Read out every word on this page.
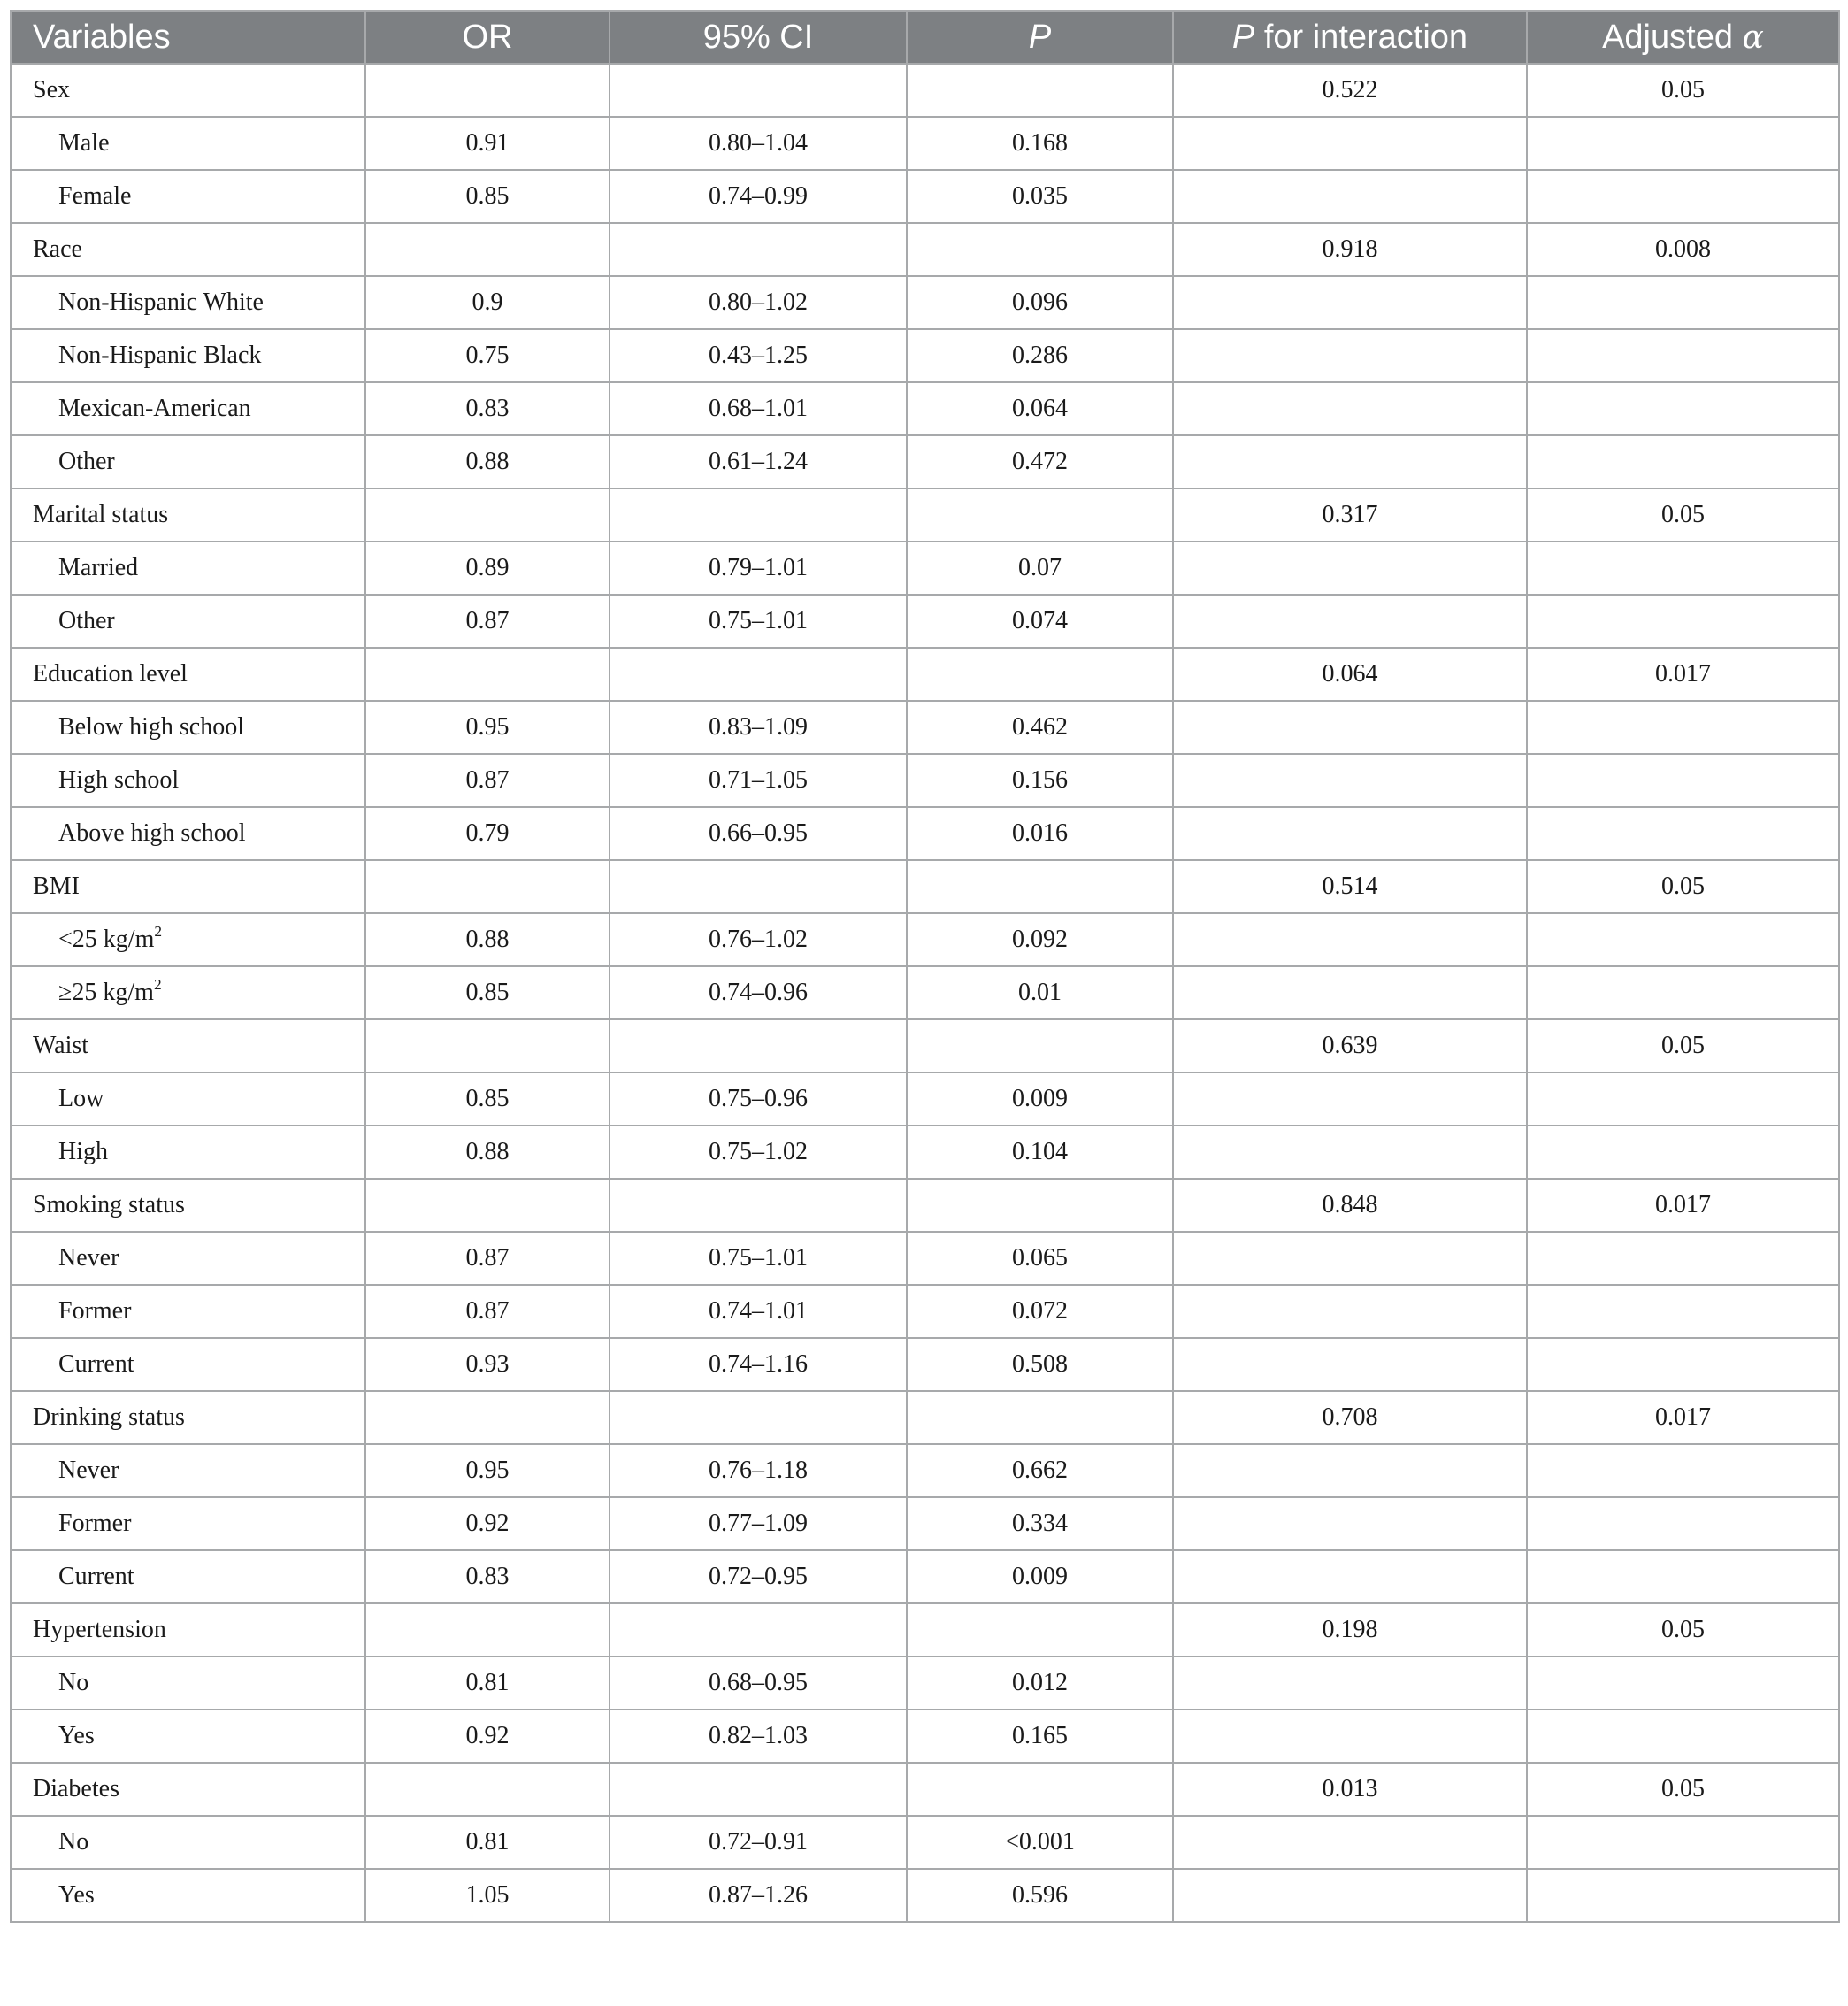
Variables	OR	95% CI	P	P for interaction	Adjusted α
Sex				0.522	0.05
Male	0.91	0.80–1.04	0.168		
Female	0.85	0.74–0.99	0.035		
Race				0.918	0.008
Non-Hispanic White	0.9	0.80–1.02	0.096		
Non-Hispanic Black	0.75	0.43–1.25	0.286		
Mexican-American	0.83	0.68–1.01	0.064		
Other	0.88	0.61–1.24	0.472		
Marital status				0.317	0.05
Married	0.89	0.79–1.01	0.07		
Other	0.87	0.75–1.01	0.074		
Education level				0.064	0.017
Below high school	0.95	0.83–1.09	0.462		
High school	0.87	0.71–1.05	0.156		
Above high school	0.79	0.66–0.95	0.016		
BMI				0.514	0.05
<25 $kg/m^2$	0.88	0.76–1.02	0.092		
≥25 $kg/m^2$	0.85	0.74–0.96	0.01		
Waist				0.639	0.05
Low	0.85	0.75–0.96	0.009		
High	0.88	0.75–1.02	0.104		
Smoking status				0.848	0.017
Never	0.87	0.75–1.01	0.065		
Former	0.87	0.74–1.01	0.072		
Current	0.93	0.74–1.16	0.508		
Drinking status				0.708	0.017
Never	0.95	0.76–1.18	0.662		
Former	0.92	0.77–1.09	0.334		
Current	0.83	0.72–0.95	0.009		
Hypertension				0.198	0.05
No	0.81	0.68–0.95	0.012		
Yes	0.92	0.82–1.03	0.165		
Diabetes				0.013	0.05
No	0.81	0.72–0.91	<0.001		
Yes	1.05	0.87–1.26	0.596		
